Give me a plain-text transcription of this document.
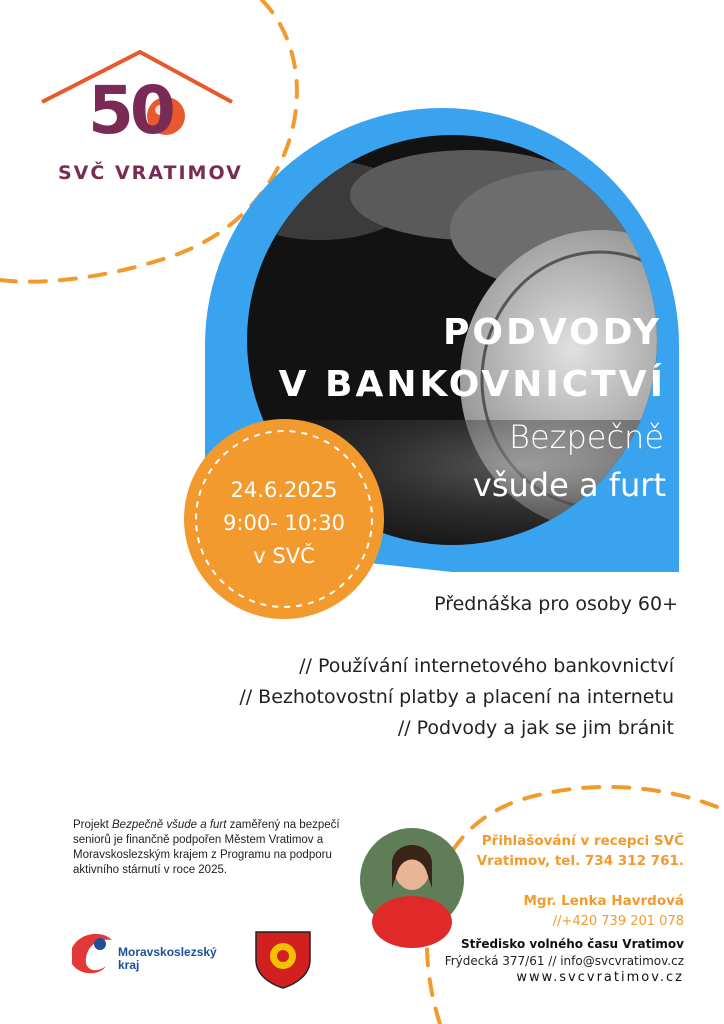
50
SVČ VRATIMOV
PODVODY
V BANKOVNICTVÍ
Bezpečně
všude a furt
24.6.2025
9:00- 10:30
v SVČ
Přednáška pro osoby 60+
// Používání internetového bankovnictví
// Bezhotovostní platby a placení na internetu
// Podvody a jak se jim bránit
Projekt Bezpečně všude a furt zaměřený na bezpečí seniorů je finančně podpořen Městem Vratimov a Moravskoslezským krajem z Programu na podporu aktivního stárnutí v roce 2025.
Moravskoslezský
kraj
Přihlašování v recepci SVČ
Vratimov, tel. 734 312 761.
Mgr. Lenka Havrdová
//+420 739 201 078
Středisko volného času Vratimov
Frýdecká 377/61 // info@svcvratimov.cz
www.svcvratimov.cz
